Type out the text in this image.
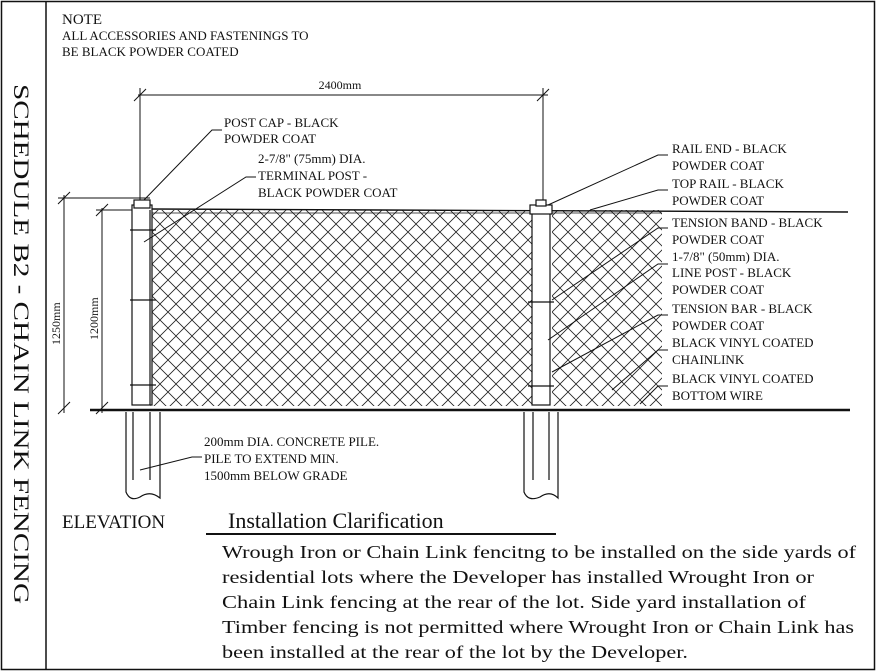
SCHEDULE B2 - CHAIN LINK FENCING
NOTE
ALL ACCESSORIES AND FASTENINGS TO
BE BLACK POWDER COATED
2400mm
1250mm 1200mm
POST CAP - BLACK
POWDER COAT
2-7/8" (75mm) DIA.
TERMINAL POST -
BLACK POWDER COAT
RAIL END - BLACK
POWDER COAT
TOP RAIL - BLACK
POWDER COAT
TENSION BAND - BLACK
POWDER COAT
1-7/8" (50mm) DIA.
LINE POST - BLACK
POWDER COAT
TENSION BAR - BLACK
POWDER COAT
BLACK VINYL COATED
CHAINLINK
BLACK VINYL COATED
BOTTOM WIRE
200mm DIA. CONCRETE PILE.
PILE TO EXTEND MIN.
1500mm BELOW GRADE
ELEVATION	Installation Clarification
Wrough Iron or Chain Link fencitng to be installed on the side yards of
residential lots where the Developer has installed Wrought Iron or
Chain Link fencing at the rear of the lot. Side yard installation of
Timber fencing is not permitted where Wrought Iron or Chain Link has
been installed at the rear of the lot by the Developer.
